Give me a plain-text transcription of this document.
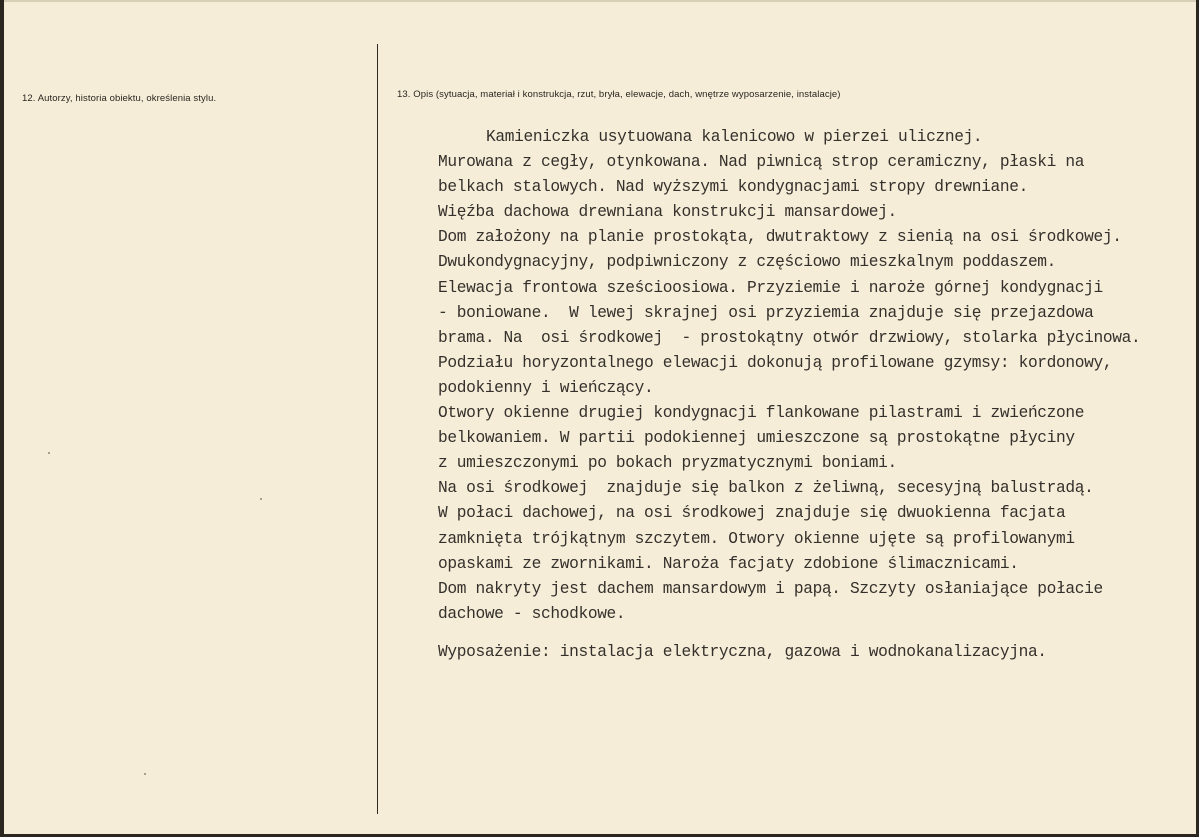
12. Autorzy, historia obiektu, określenia stylu.	13. Opis (sytuacja, materiał i konstrukcja, rzut, bryła, elewacje, dach, wnętrze wyposarzenie, instalacje)
Kamieniczka usytuowana kalenicowo w pierzei ulicznej.
Murowana z cegły, otynkowana. Nad piwnicą strop ceramiczny, płaski na
belkach stalowych. Nad wyższymi kondygnacjami stropy drewniane.
Więźba dachowa drewniana konstrukcji mansardowej.
Dom założony na planie prostokąta, dwutraktowy z sienią na osi środkowej.
Dwukondygnacyjny, podpiwniczony z częściowo mieszkalnym poddaszem.
Elewacja frontowa sześcioosiowa. Przyziemie i naroże górnej kondygnacji
- boniowane.  W lewej skrajnej osi przyziemia znajduje się przejazdowa
brama. Na  osi środkowej  - prostokątny otwór drzwiowy, stolarka płycinowa.
Podziału horyzontalnego elewacji dokonują profilowane gzymsy: kordonowy,
podokienny i wieńczący.
Otwory okienne drugiej kondygnacji flankowane pilastrami i zwieńczone
belkowaniem. W partii podokiennej umieszczone są prostokątne płyciny
z umieszczonymi po bokach pryzmatycznymi boniami.
Na osi środkowej  znajduje się balkon z żeliwną, secesyjną balustradą.
W połaci dachowej, na osi środkowej znajduje się dwuokienna facjata
zamknięta trójkątnym szczytem. Otwory okienne ujęte są profilowanymi
opaskami ze zwornikami. Naroża facjaty zdobione ślimacznicami.
Dom nakryty jest dachem mansardowym i papą. Szczyty osłaniające połacie
dachowe - schodkowe.
Wyposażenie: instalacja elektryczna, gazowa i wodnokanalizacyjna.
